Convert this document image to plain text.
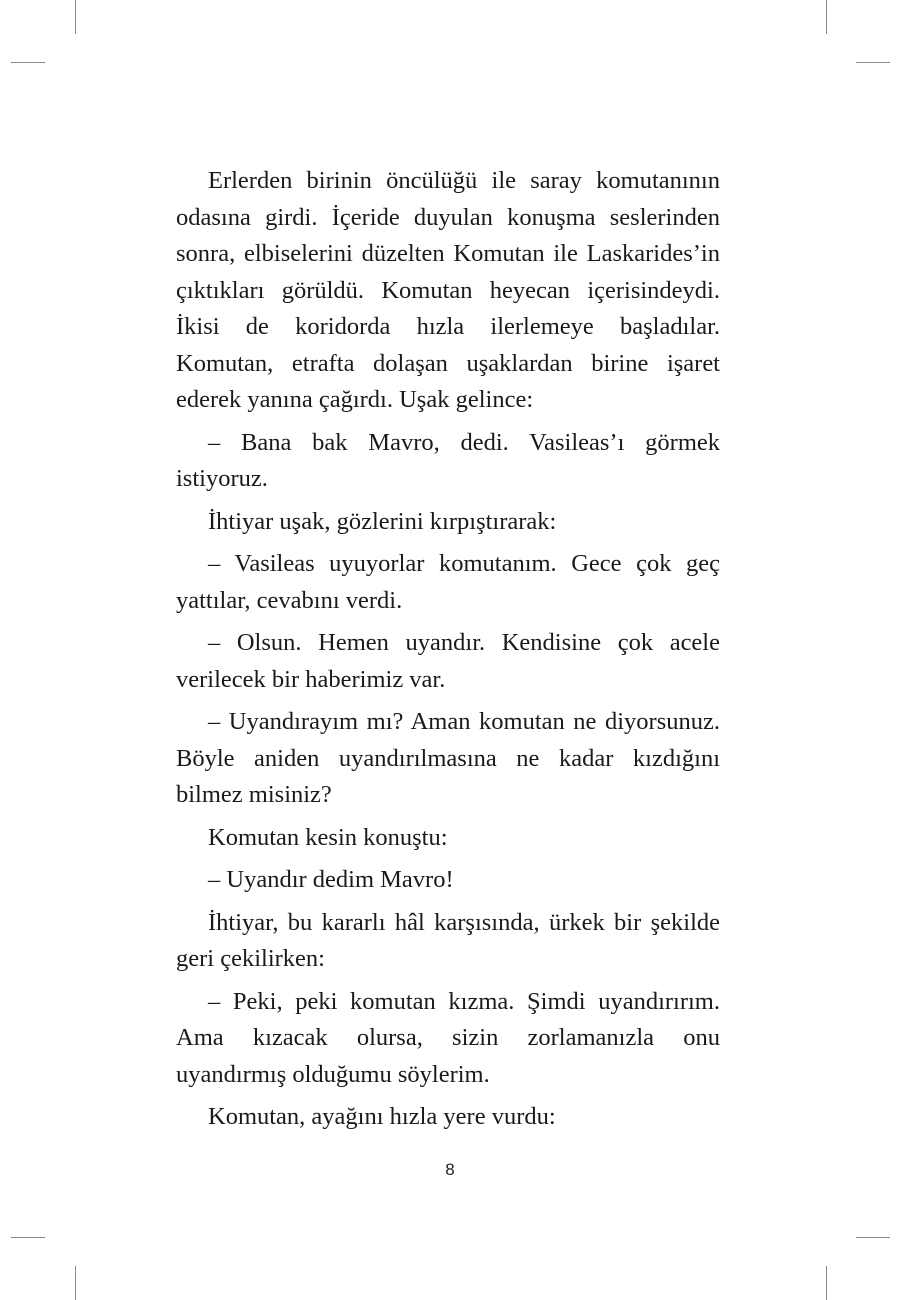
Erlerden birinin öncülüğü ile saray komutanının odasına girdi. İçeride duyulan konuşma seslerinden sonra, elbiselerini düzelten Komutan ile Laskarides’in çıktıkları görüldü. Komutan heyecan içerisindeydi. İkisi de koridorda hızla ilerlemeye başladılar. Komutan, etrafta dolaşan uşaklardan birine işaret ederek yanına çağırdı. Uşak gelince:

– Bana bak Mavro, dedi. Vasileas’ı görmek istiyoruz.

İhtiyar uşak, gözlerini kırpıştırarak:

– Vasileas uyuyorlar komutanım. Gece çok geç yattılar, cevabını verdi.

– Olsun. Hemen uyandır. Kendisine çok acele verilecek bir haberimiz var.

– Uyandırayım mı? Aman komutan ne diyorsunuz. Böyle aniden uyandırılmasına ne kadar kızdığını bilmez misiniz?

Komutan kesin konuştu:

– Uyandır dedim Mavro!

İhtiyar, bu kararlı hâl karşısında, ürkek bir şekilde geri çekilirken:

– Peki, peki komutan kızma. Şimdi uyandırırım. Ama kızacak olursa, sizin zorlamanızla onu uyandırmış olduğumu söylerim.

Komutan, ayağını hızla yere vurdu:

8
